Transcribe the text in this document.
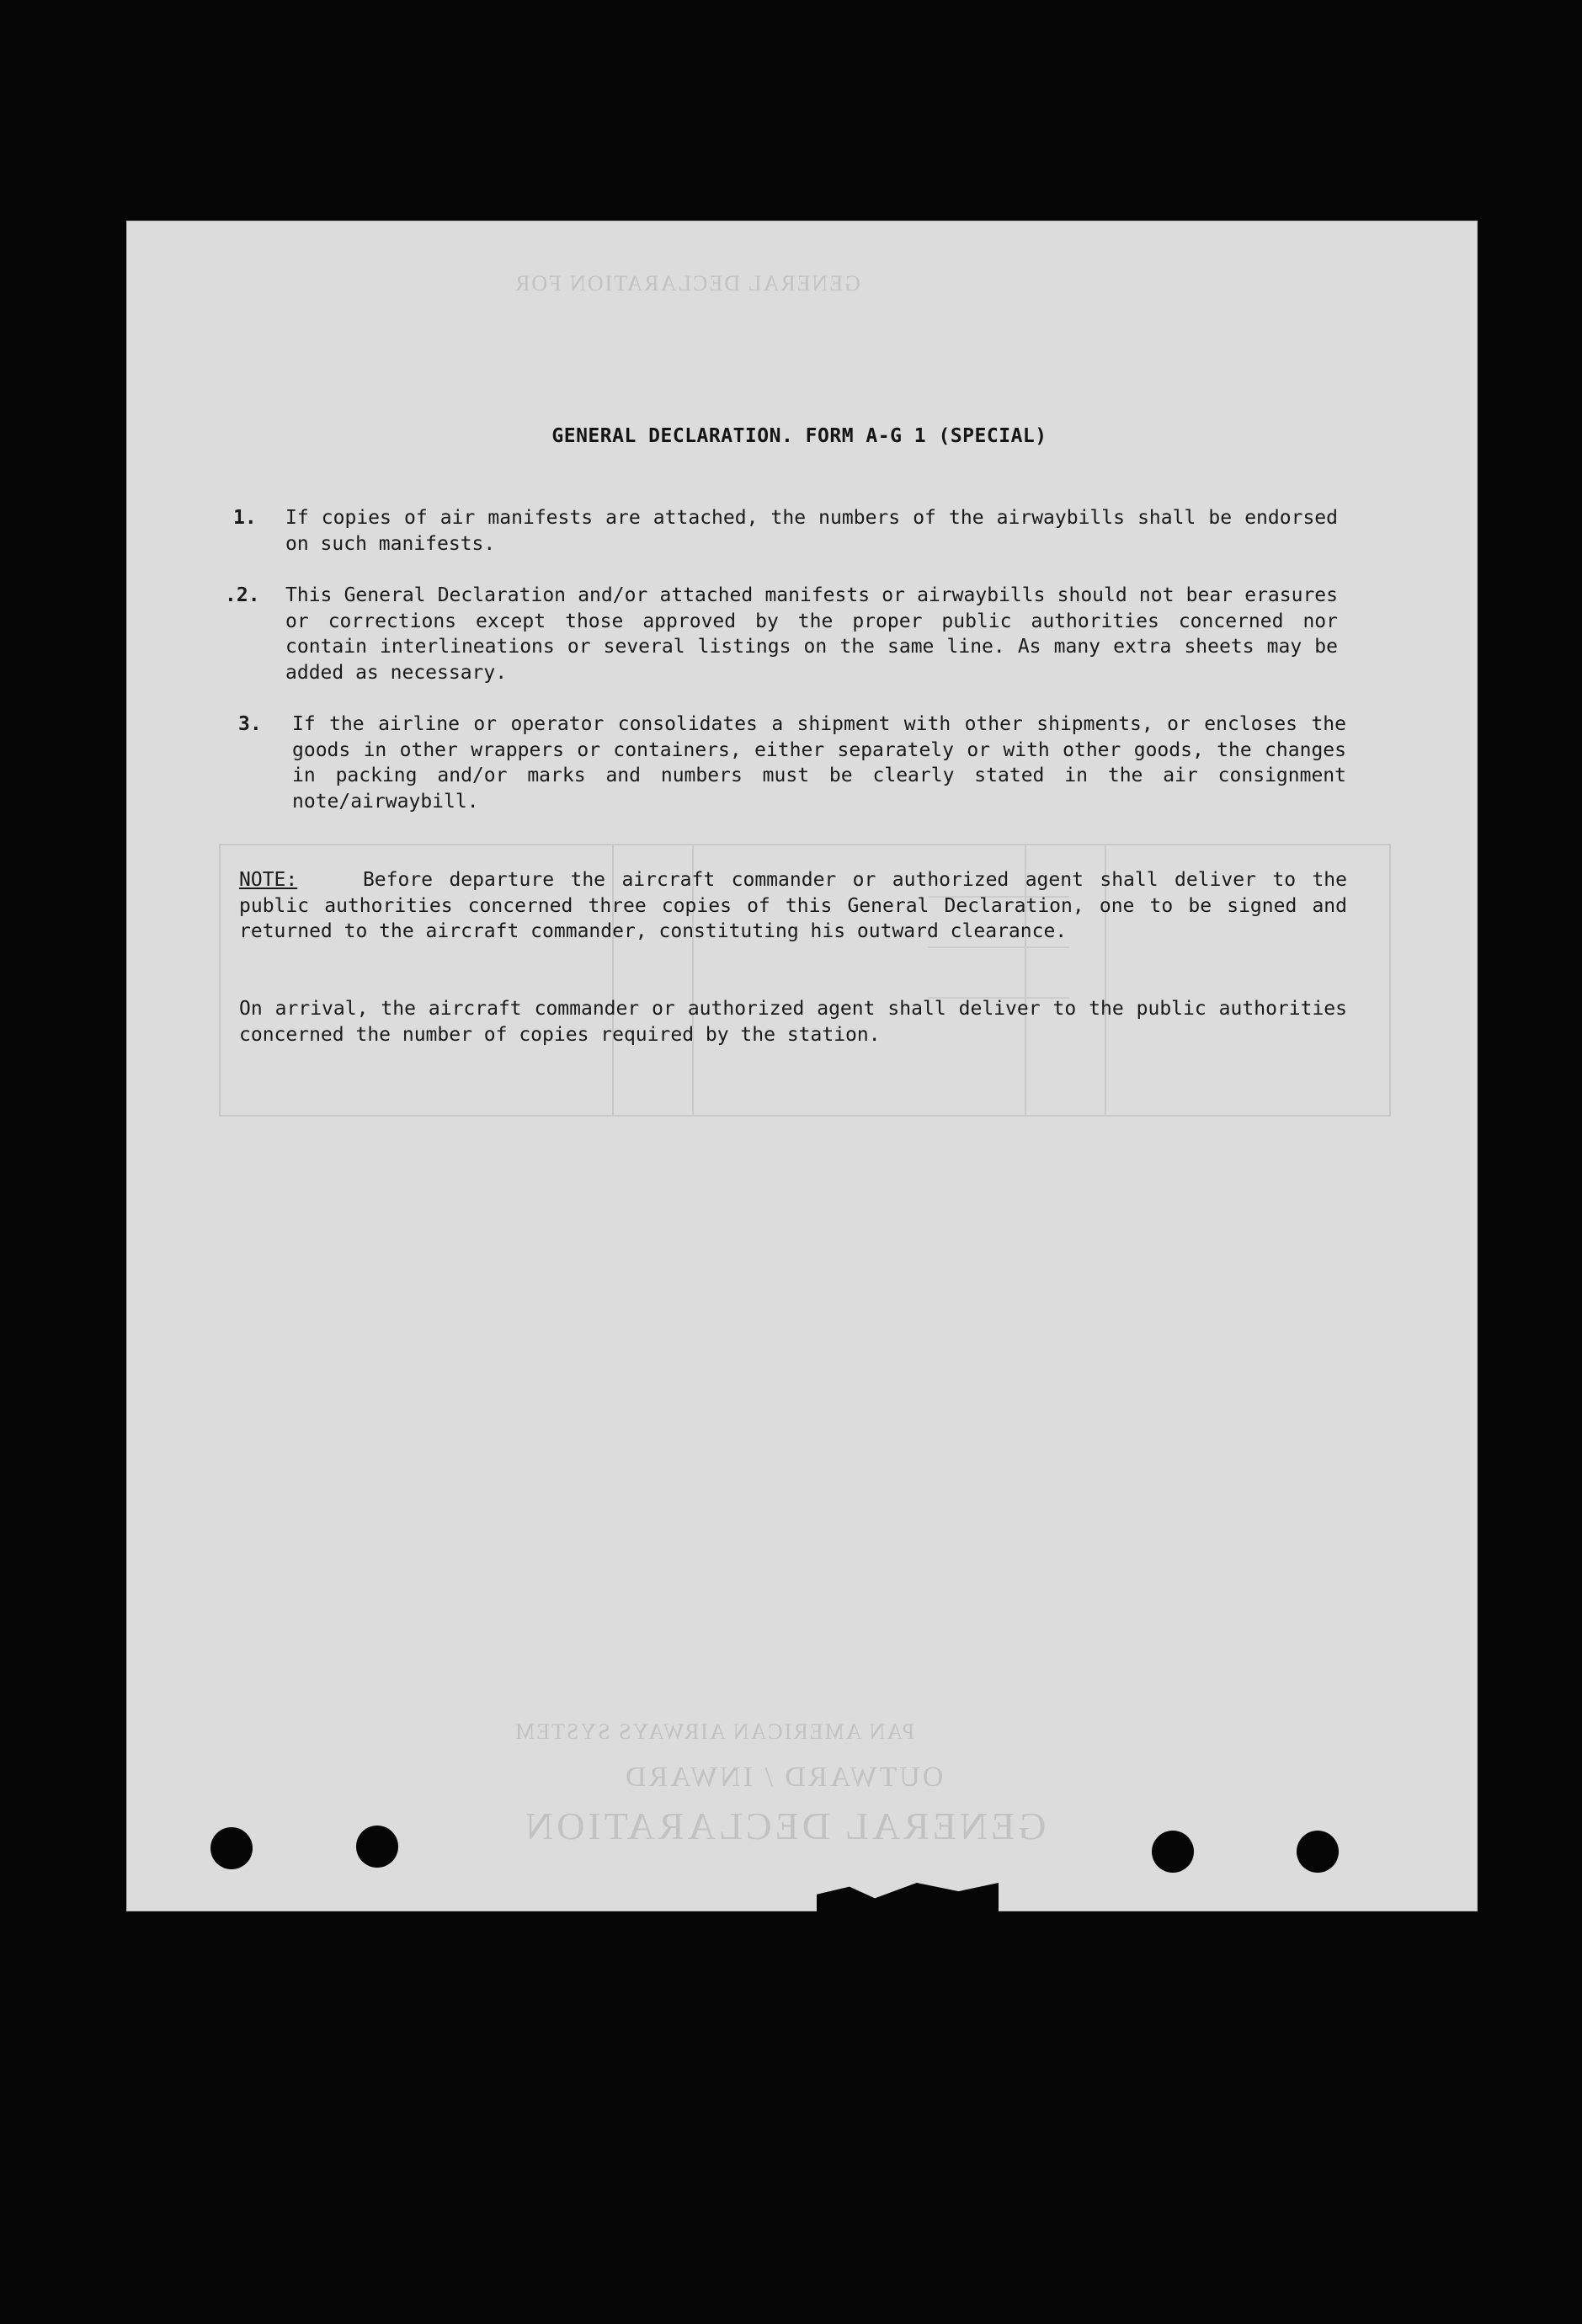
GENERAL DECLARATION
OUTWARD / INWARD
PAN AMERICAN AIRWAYS SYSTEM
GENERAL DECLARATION FOR
GENERAL DECLARATION. FORM A-G 1 (SPECIAL)
1. If copies of air manifests are attached, the numbers of the airwaybills shall be endorsed on such manifests.
.2. This General Declaration and/or attached manifests or airwaybills should not bear erasures or corrections except those approved by the proper public authorities concerned nor contain interlineations or several listings on the same line. As many extra sheets may be added as necessary.
3. If the airline or operator consolidates a shipment with other shipments, or encloses the goods in other wrappers or containers, either separately or with other goods, the changes in packing and/or marks and numbers must be clearly stated in the air consignment note/airwaybill.
NOTE:	Before departure the aircraft commander or authorized agent shall deliver to the public authorities concerned three copies of this General Declaration, one to be signed and returned to the aircraft commander, constituting his outward clearance.
On arrival, the aircraft commander or authorized agent shall deliver to the public authorities concerned the number of copies required by the station.
